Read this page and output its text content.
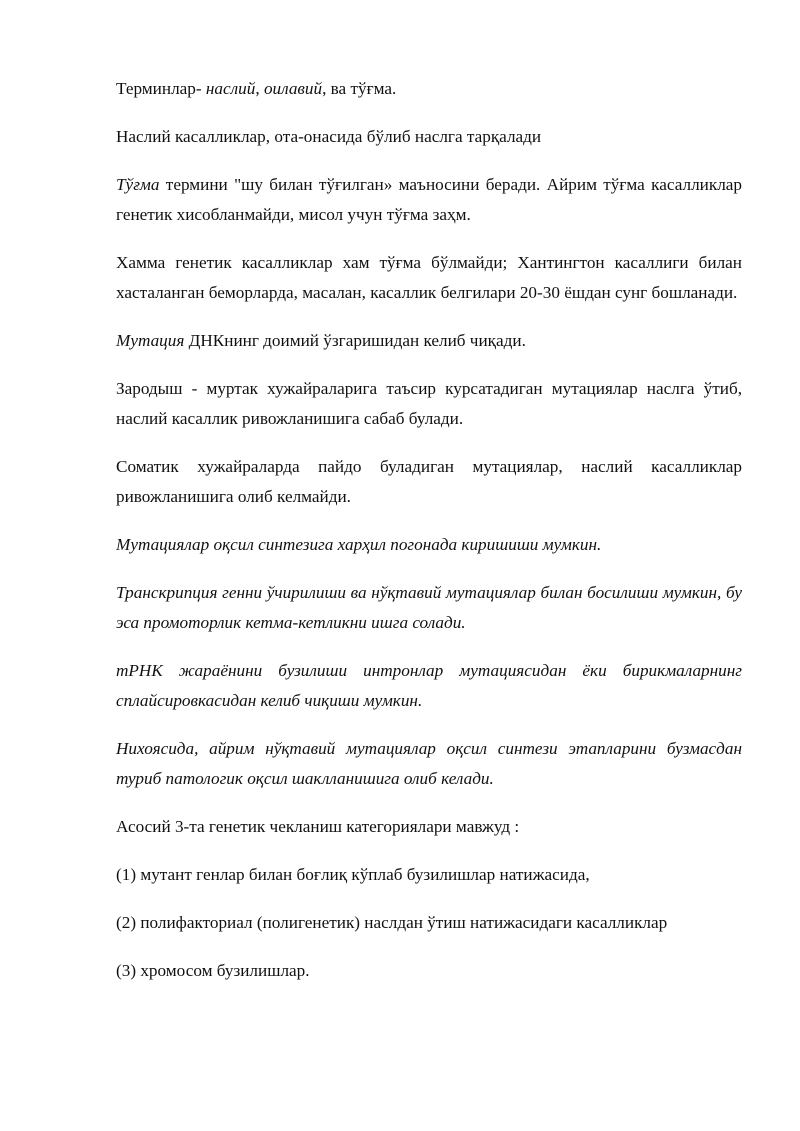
Терминлар- наслий, оилавий, ва тўғма.

Наслий касалликлар, ота-онасида бўлиб наслга тарқалади

Тўғма термини "шу билан тўғилган» маъносини беради. Айрим тўғма касалликлар генетик хисобланмайди, мисол учун тўғма заҳм.

Хамма генетик касалликлар хам тўғма бўлмайди; Хантингтон касаллиги билан хасталанган беморларда, масалан, касаллик белгилари 20-30 ёшдан сунг бошланади.

Мутация ДНКнинг доимий ўзгаришидан келиб чиқади.

Зародыш - муртак хужайраларига таъсир курсатадиган мутациялар наслга ўтиб, наслий касаллик ривожланишига сабаб булади.

Соматик хужайраларда пайдо буладиган мутациялар, наслий касалликлар ривожланишига олиб келмайди.

Мутациялар оқсил синтезига харҳил погонада киришиши мумкин.

Транскрипция генни ўчирилиши ва нўқтавий мутациялар билан босилиши мумкин, бу эса промоторлик кетма-кетликни ишга солади.

тРНК жараёнини бузилиши интронлар мутациясидан ёки бирикмаларнинг сплайсировкасидан келиб чиқиши мумкин.

Нихоясида, айрим нўқтавий мутациялар оқсил синтези этапларини бузмасдан туриб патологик оқсил шаклланишига олиб келади.

Асосий 3-та генетик чекланиш категориялари мавжуд :

(1) мутант генлар билан боғлиқ кўплаб бузилишлар натижасида,

(2) полифакториал (полигенетик) наслдан ўтиш натижасидаги касалликлар

(3) хромосом бузилишлар.
